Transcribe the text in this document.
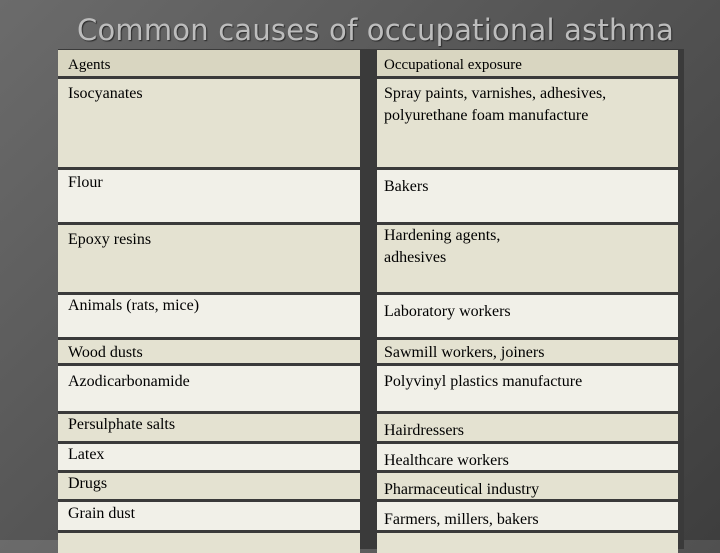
Common causes of occupational asthma
Agents	Occupational exposure
Isocyanates	Spray paints, varnishes, adhesives, polyurethane foam manufacture
Flour	Bakers
Epoxy resins	Hardening agents, adhesives
Animals (rats, mice)	Laboratory workers
Wood dusts	Sawmill workers, joiners
Azodicarbonamide	Polyvinyl plastics manufacture
Persulphate salts	Hairdressers
Latex	Healthcare workers
Drugs	Pharmaceutical industry
Grain dust	Farmers, millers, bakers
